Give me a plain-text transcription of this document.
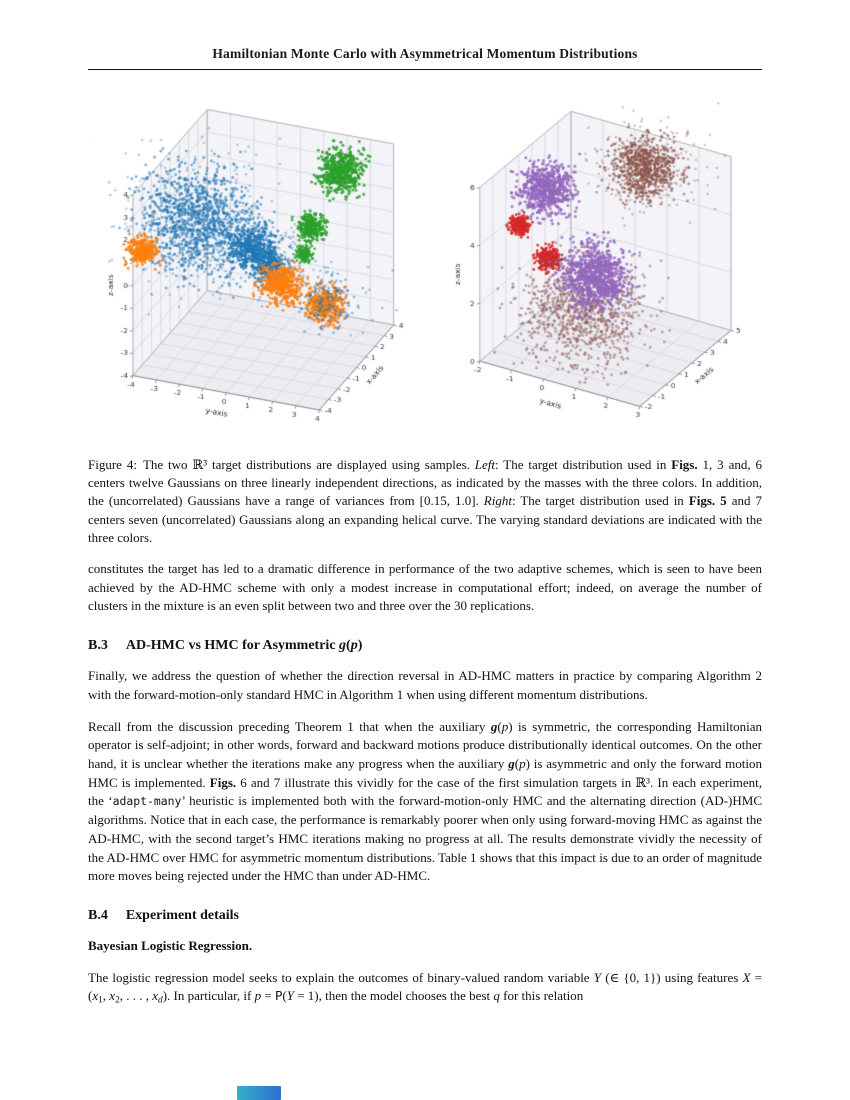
Hamiltonian Monte Carlo with Asymmetrical Momentum Distributions
Figure 4: The two ℝ³ target distributions are displayed using samples. Left: The target distribution used in Figs. 1, 3 and, 6 centers twelve Gaussians on three linearly independent directions, as indicated by the masses with the three colors. In addition, the (uncorrelated) Gaussians have a range of variances from [0.15, 1.0]. Right: The target distribution used in Figs. 5 and 7 centers seven (uncorrelated) Gaussians along an expanding helical curve. The varying standard deviations are indicated with the three colors.

constitutes the target has led to a dramatic difference in performance of the two adaptive schemes, which is seen to have been achieved by the AD-HMC scheme with only a modest increase in computational effort; indeed, on average the number of clusters in the mixture is an even split between two and three over the 30 replications.

B.3 AD-HMC vs HMC for Asymmetric g(p)

Finally, we address the question of whether the direction reversal in AD-HMC matters in practice by comparing Algorithm 2 with the forward-motion-only standard HMC in Algorithm 1 when using different momentum distributions.

Recall from the discussion preceding Theorem 1 that when the auxiliary g(p) is symmetric, the corresponding Hamiltonian operator is self-adjoint; in other words, forward and backward motions produce distributionally identical outcomes. On the other hand, it is unclear whether the iterations make any progress when the auxiliary g(p) is asymmetric and only the forward motion HMC is implemented. Figs. 6 and 7 illustrate this vividly for the case of the first simulation targets in ℝ³. In each experiment, the ‘adapt-many’ heuristic is implemented both with the forward-motion-only HMC and the alternating direction (AD-)HMC algorithms. Notice that in each case, the performance is remarkably poorer when only using forward-moving HMC as against the AD-HMC, with the second target’s HMC iterations making no progress at all. The results demonstrate vividly the necessity of the AD-HMC over HMC for asymmetric momentum distributions. Table 1 shows that this impact is due to an order of magnitude more moves being rejected under the HMC than under AD-HMC.

B.4 Experiment details

Bayesian Logistic Regression.

The logistic regression model seeks to explain the outcomes of binary-valued random variable Y (∈ {0, 1}) using features X = (x1, x2, . . . , xd). In particular, if p = P(Y = 1), then the model chooses the best q for this relation
